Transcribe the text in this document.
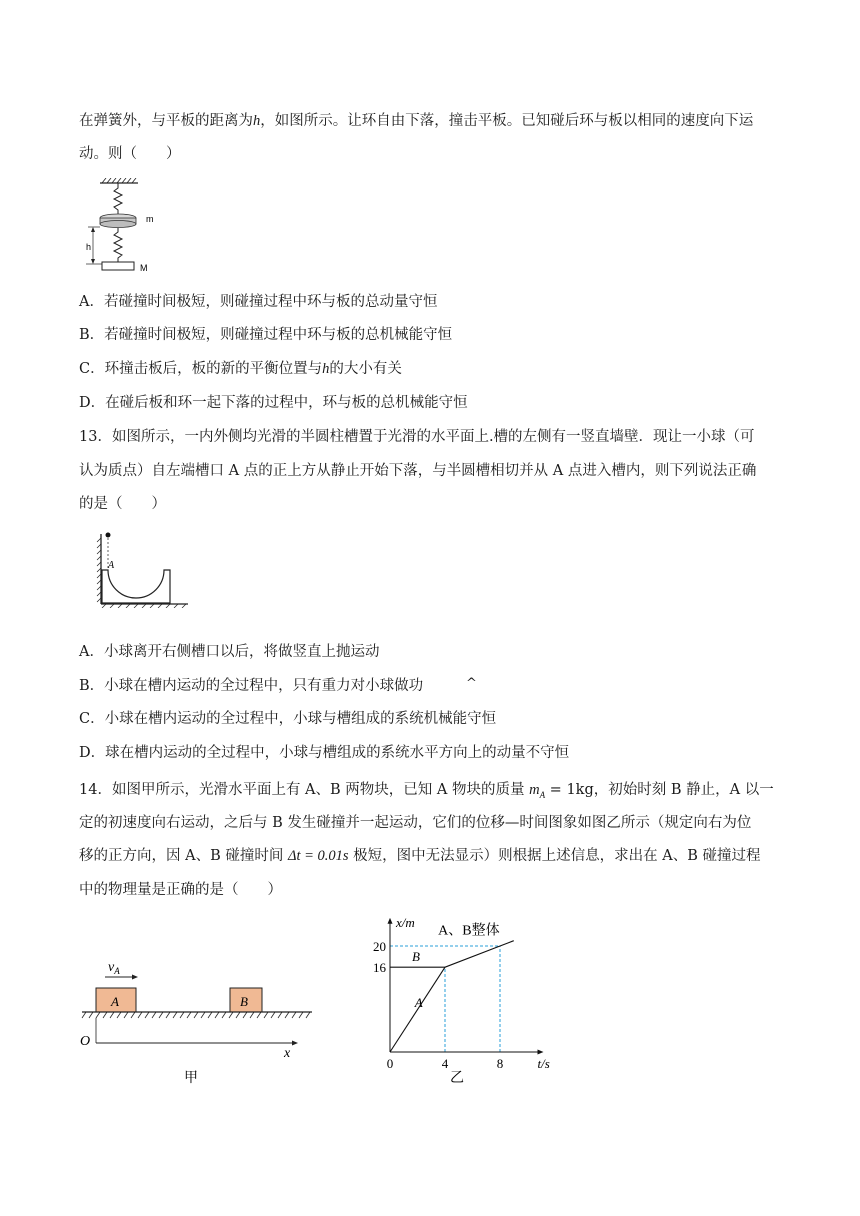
在弹簧外，与平板的距离为h，如图所示。让环自由下落，撞击平板。已知碰后环与板以相同的速度向下运
动。则（　　）
m
h
M
A．若碰撞时间极短，则碰撞过程中环与板的总动量守恒
B．若碰撞时间极短，则碰撞过程中环与板的总机械能守恒
C．环撞击板后，板的新的平衡位置与h的大小有关
D．在碰后板和环一起下落的过程中，环与板的总机械能守恒
13．如图所示，一内外侧均光滑的半圆柱槽置于光滑的水平面上.槽的左侧有一竖直墙壁．现让一小球（可
认为质点）自左端槽口 A 点的正上方从静止开始下落，与半圆槽相切并从 A 点进入槽内，则下列说法正确
的是（　　）
A
A．小球离开右侧槽口以后，将做竖直上抛运动
B．小球在槽内运动的全过程中，只有重力对小球做功	^
C．小球在槽内运动的全过程中，小球与槽组成的系统机械能守恒
D．球在槽内运动的全过程中，小球与槽组成的系统水平方向上的动量不守恒
14．如图甲所示，光滑水平面上有 A、B 两物块，已知 A 物块的质量 $m_A = 1kg$，初始时刻 B 静止，A 以一
定的初速度向右运动，之后与 B 发生碰撞并一起运动，它们的位移—时间图象如图乙所示（规定向右为位
移的正方向，因 A、B 碰撞时间 Δt = 0.01s 极短，图中无法显示）则根据上述信息，求出在 A、B 碰撞过程
中的物理量是正确的是（　　）
$v_A$
A	B
O
x
甲
0	4	8
16
20
t/s
x/m
A
B
A、B整体
乙
